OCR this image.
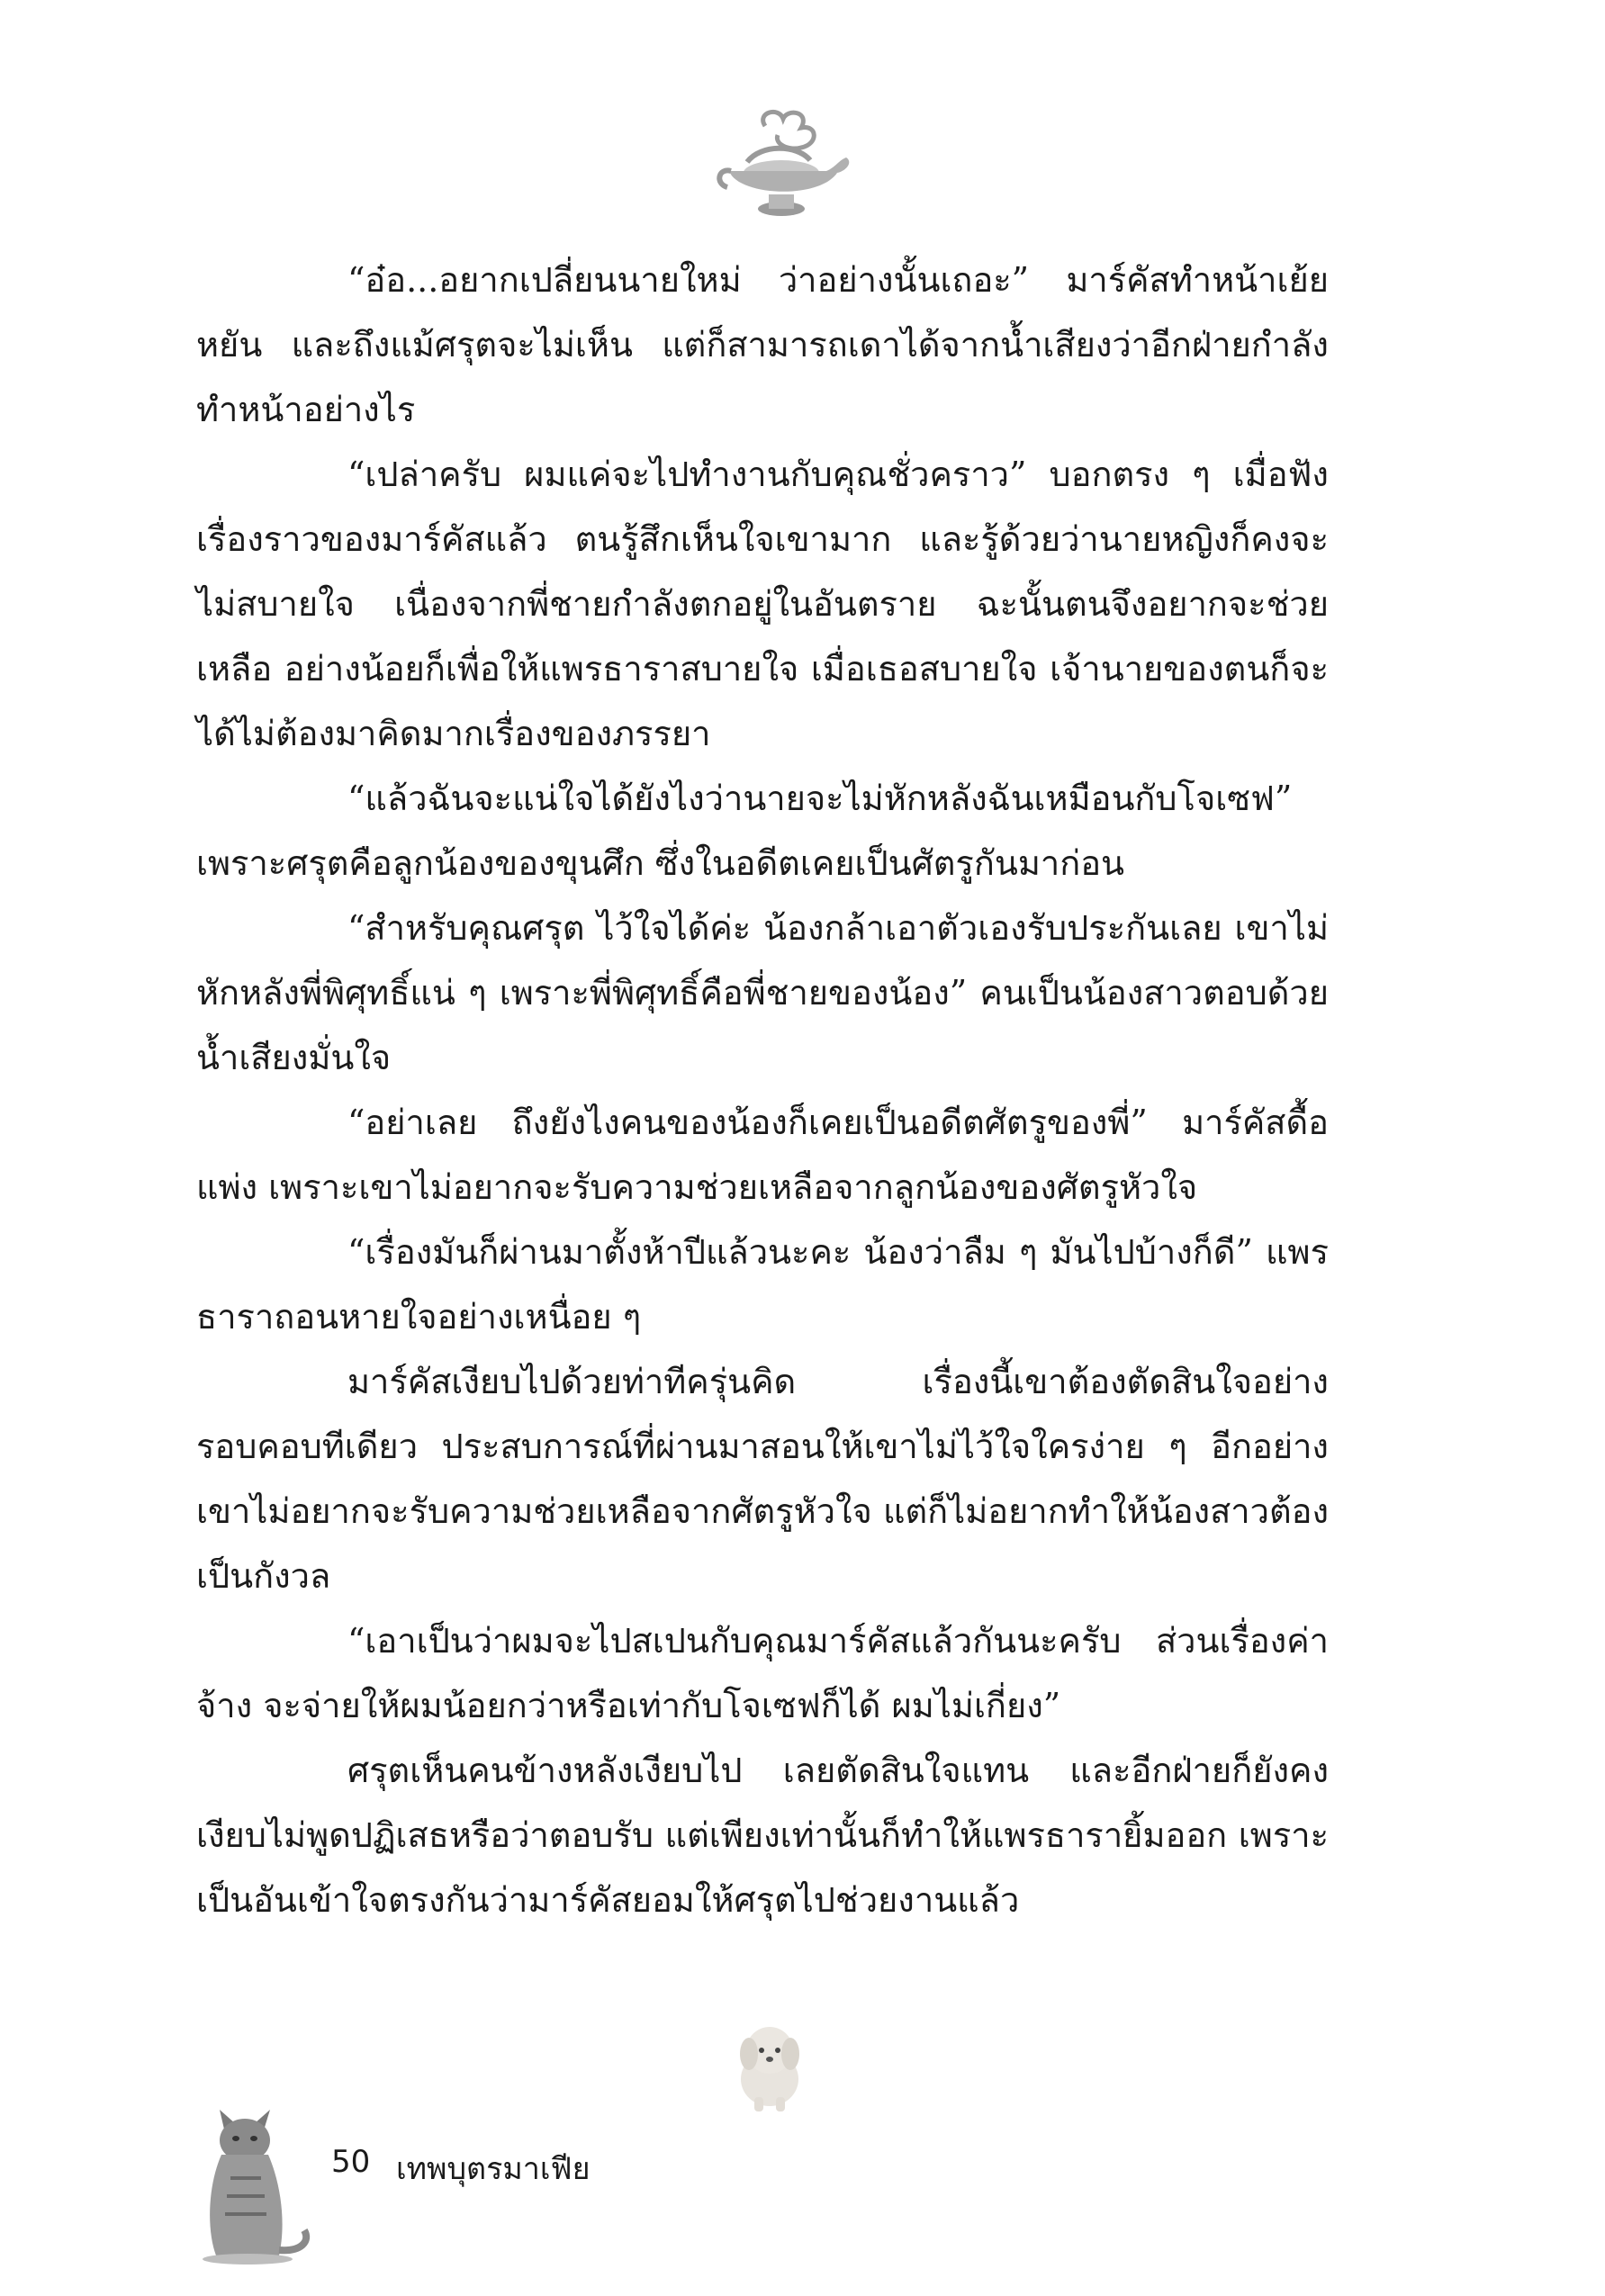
“อ๋อ...อยากเปลี่ยนนายใหม่ ว่าอย่างนั้นเถอะ” มาร์คัสทำหน้าเย้ยหยัน และถึงแม้ศรุตจะไม่เห็น แต่ก็สามารถเดาได้จากน้ำเสียงว่าอีกฝ่ายกำลังทำหน้าอย่างไร

“เปล่าครับ ผมแค่จะไปทำงานกับคุณชั่วคราว” บอกตรง ๆ เมื่อฟังเรื่องราวของมาร์คัสแล้ว ตนรู้สึกเห็นใจเขามาก และรู้ด้วยว่านายหญิงก็คงจะไม่สบายใจ เนื่องจากพี่ชายกำลังตกอยู่ในอันตราย ฉะนั้นตนจึงอยากจะช่วยเหลือ อย่างน้อยก็เพื่อให้แพรธาราสบายใจ เมื่อเธอสบายใจ เจ้านายของตนก็จะได้ไม่ต้องมาคิดมากเรื่องของภรรยา

“แล้วฉันจะแน่ใจได้ยังไงว่านายจะไม่หักหลังฉันเหมือนกับโจเซฟ” เพราะศรุตคือลูกน้องของขุนศึก ซึ่งในอดีตเคยเป็นศัตรูกันมาก่อน

“สำหรับคุณศรุต ไว้ใจได้ค่ะ น้องกล้าเอาตัวเองรับประกันเลย เขาไม่หักหลังพี่พิศุทธิ์แน่ ๆ เพราะพี่พิศุทธิ์คือพี่ชายของน้อง” คนเป็นน้องสาวตอบด้วยน้ำเสียงมั่นใจ

“อย่าเลย ถึงยังไงคนของน้องก็เคยเป็นอดีตศัตรูของพี่” มาร์คัสดื้อแพ่ง เพราะเขาไม่อยากจะรับความช่วยเหลือจากลูกน้องของศัตรูหัวใจ

“เรื่องมันก็ผ่านมาตั้งห้าปีแล้วนะคะ น้องว่าลืม ๆ มันไปบ้างก็ดี” แพรธาราถอนหายใจอย่างเหนื่อย ๆ

มาร์คัสเงียบไปด้วยท่าทีครุ่นคิด เรื่องนี้เขาต้องตัดสินใจอย่างรอบคอบทีเดียว ประสบการณ์ที่ผ่านมาสอนให้เขาไม่ไว้ใจใครง่าย ๆ อีกอย่างเขาไม่อยากจะรับความช่วยเหลือจากศัตรูหัวใจ แต่ก็ไม่อยากทำให้น้องสาวต้องเป็นกังวล

“เอาเป็นว่าผมจะไปสเปนกับคุณมาร์คัสแล้วกันนะครับ ส่วนเรื่องค่าจ้าง จะจ่ายให้ผมน้อยกว่าหรือเท่ากับโจเซฟก็ได้ ผมไม่เกี่ยง”

ศรุตเห็นคนข้างหลังเงียบไป เลยตัดสินใจแทน และอีกฝ่ายก็ยังคงเงียบไม่พูดปฏิเสธหรือว่าตอบรับ แต่เพียงเท่านั้นก็ทำให้แพรธารายิ้มออก เพราะเป็นอันเข้าใจตรงกันว่ามาร์คัสยอมให้ศรุตไปช่วยงานแล้ว

50 เทพบุตรมาเฟีย
